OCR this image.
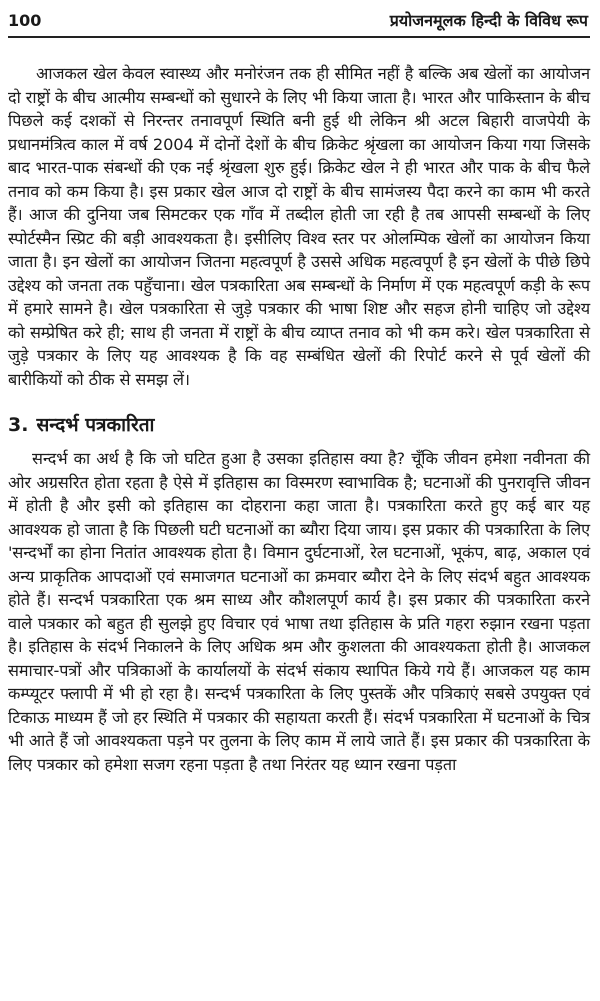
100	प्रयोजनमूलक हिन्दी के विविध रूप

आजकल खेल केवल स्वास्थ्य और मनोरंजन तक ही सीमित नहीं है बल्कि अब खेलों का आयोजन दो राष्ट्रों के बीच आत्मीय सम्बन्धों को सुधारने के लिए भी किया जाता है। भारत और पाकिस्तान के बीच पिछले कई दशकों से निरन्तर तनावपूर्ण स्थिति बनी हुई थी लेकिन श्री अटल बिहारी वाजपेयी के प्रधानमंत्रित्व काल में वर्ष 2004 में दोनों देशों के बीच क्रिकेट श्रृंखला का आयोजन किया गया जिसके बाद भारत-पाक संबन्धों की एक नई श्रृंखला शुरु हुई। क्रिकेट खेल ने ही भारत और पाक के बीच फैले तनाव को कम किया है। इस प्रकार खेल आज दो राष्ट्रों के बीच सामंजस्य पैदा करने का काम भी करते हैं। आज की दुनिया जब सिमटकर एक गाँव में तब्दील होती जा रही है तब आपसी सम्बन्धों के लिए स्पोर्टस्मैन स्प्रिट की बड़ी आवश्यकता है। इसीलिए विश्व स्तर पर ओलम्पिक खेलों का आयोजन किया जाता है। इन खेलों का आयोजन जितना महत्वपूर्ण है उससे अधिक महत्वपूर्ण है इन खेलों के पीछे छिपे उद्देश्य को जनता तक पहुँचाना। खेल पत्रकारिता अब सम्बन्धों के निर्माण में एक महत्वपूर्ण कड़ी के रूप में हमारे सामने है। खेल पत्रकारिता से जुड़े पत्रकार की भाषा शिष्ट और सहज होनी चाहिए जो उद्देश्य को सम्प्रेषित करे ही; साथ ही जनता में राष्ट्रों के बीच व्याप्त तनाव को भी कम करे। खेल पत्रकारिता से जुड़े पत्रकार के लिए यह आवश्यक है कि वह सम्बंधित खेलों की रिपोर्ट करने से पूर्व खेलों की बारीकियों को ठीक से समझ लें।

3. सन्दर्भ पत्रकारिता

सन्दर्भ का अर्थ है कि जो घटित हुआ है उसका इतिहास क्या है? चूँकि जीवन हमेशा नवीनता की ओर अग्रसरित होता रहता है ऐसे में इतिहास का विस्मरण स्वाभाविक है; घटनाओं की पुनरावृत्ति जीवन में होती है और इसी को इतिहास का दोहराना कहा जाता है। पत्रकारिता करते हुए कई बार यह आवश्यक हो जाता है कि पिछली घटी घटनाओं का ब्यौरा दिया जाय। इस प्रकार की पत्रकारिता के लिए 'सन्दर्भों का होना नितांत आवश्यक होता है। विमान दुर्घटनाओं, रेल घटनाओं, भूकंप, बाढ़, अकाल एवं अन्य प्राकृतिक आपदाओं एवं समाजगत घटनाओं का क्रमवार ब्यौरा देने के लिए संदर्भ बहुत आवश्यक होते हैं। सन्दर्भ पत्रकारिता एक श्रम साध्य और कौशलपूर्ण कार्य है। इस प्रकार की पत्रकारिता करने वाले पत्रकार को बहुत ही सुलझे हुए विचार एवं भाषा तथा इतिहास के प्रति गहरा रुझान रखना पड़ता है। इतिहास के संदर्भ निकालने के लिए अधिक श्रम और कुशलता की आवश्यकता होती है। आजकल समाचार-पत्रों और पत्रिकाओं के कार्यालयों के संदर्भ संकाय स्थापित किये गये हैं। आजकल यह काम कम्प्यूटर फ्लापी में भी हो रहा है। सन्दर्भ पत्रकारिता के लिए पुस्तकें और पत्रिकाएं सबसे उपयुक्त एवं टिकाऊ माध्यम हैं जो हर स्थिति में पत्रकार की सहायता करती हैं। संदर्भ पत्रकारिता में घटनाओं के चित्र भी आते हैं जो आवश्यकता पड़ने पर तुलना के लिए काम में लाये जाते हैं। इस प्रकार की पत्रकारिता के लिए पत्रकार को हमेशा सजग रहना पड़ता है तथा निरंतर यह ध्यान रखना पड़ता
